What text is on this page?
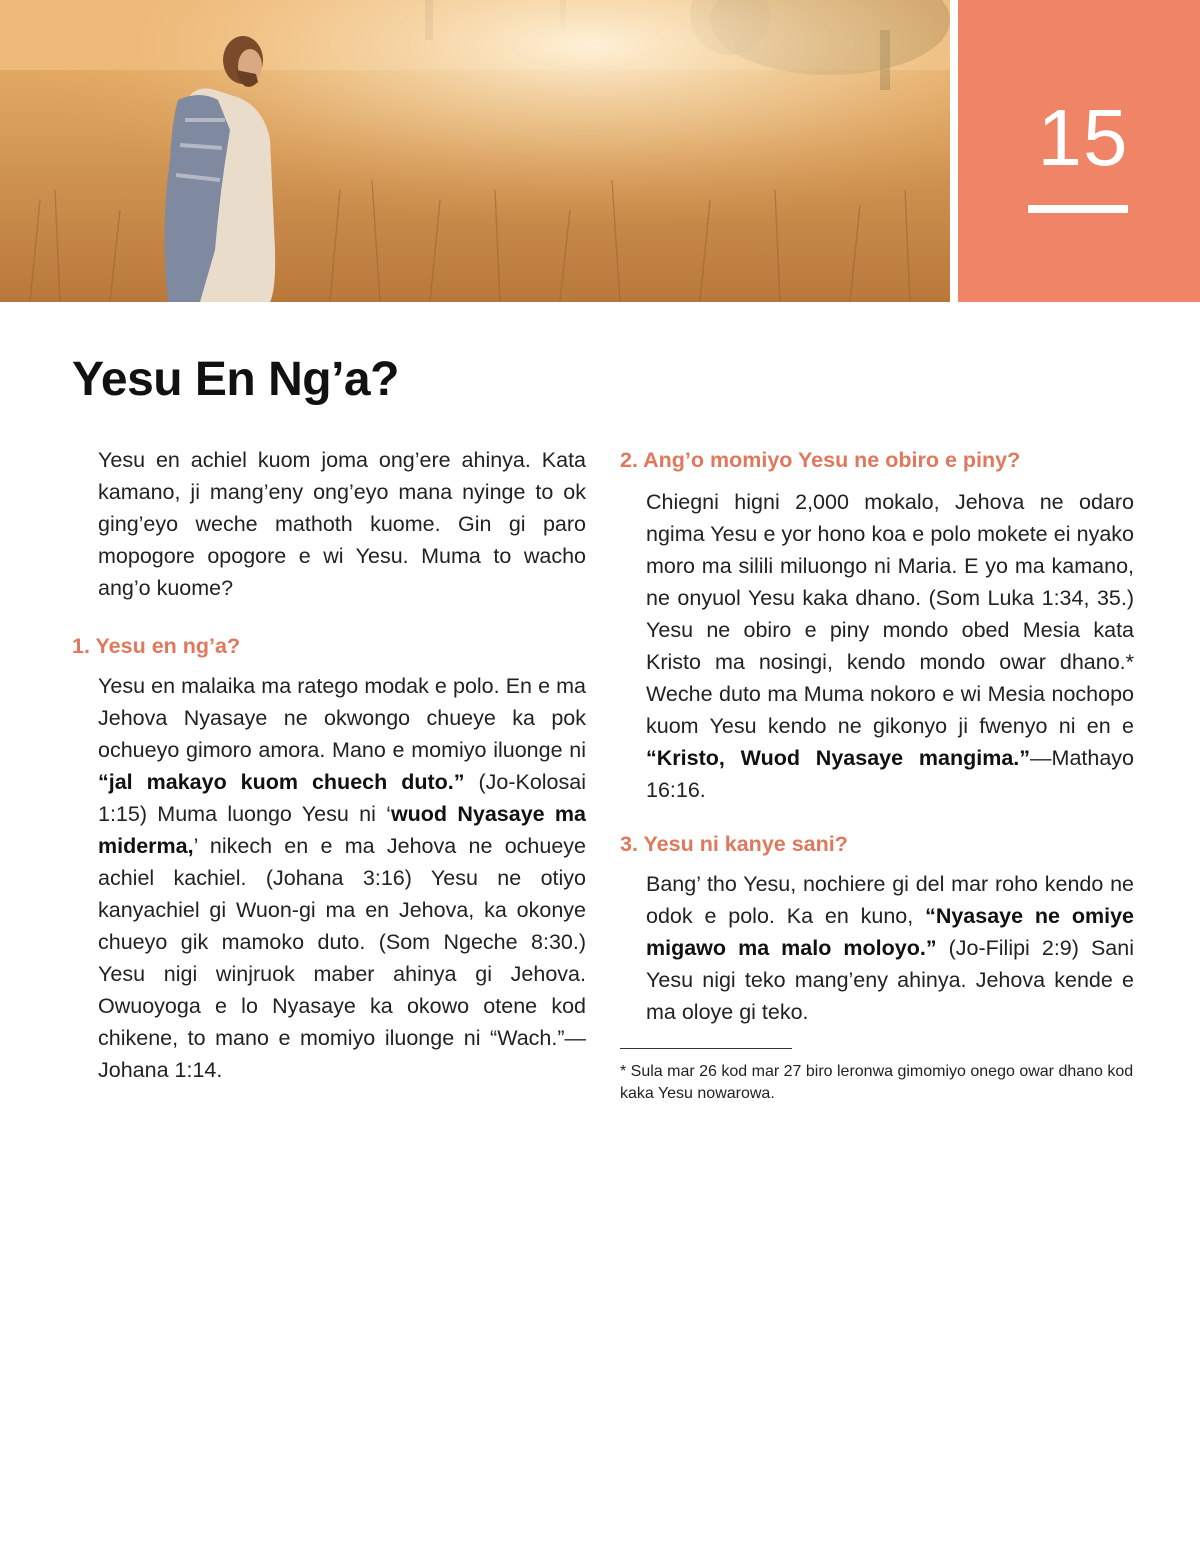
15
Yesu En Ng’a?

Yesu en achiel kuom joma ong’ere ahinya. Kata kamano, ji mang’eny ong’eyo mana nyinge to ok ging’eyo weche mathoth kuome. Gin gi paro mopogore opogore e wi Yesu. Muma to wacho ang’o kuome?

1. Yesu en ng’a?

Yesu en malaika ma ratego modak e polo. En e ma Jehova Nyasaye ne okwongo chueye ka pok ochueyo gimoro amora. Mano e momiyo iluonge ni “jal makayo kuom chuech duto.” (Jo-Kolosai 1:15) Muma luongo Yesu ni ‘wuod Nyasaye ma miderma,’ nikech en e ma Jehova ne ochueye achiel kachiel. (Johana 3:16) Yesu ne otiyo kanyachiel gi Wuon-gi ma en Jehova, ka okonye chueyo gik mamoko duto. (Som Ngeche 8:30.) Yesu nigi winjruok maber ahinya gi Jehova. Owuoyoga e lo Nyasaye ka okowo otene kod chikene, to mano e momiyo iluonge ni “Wach.”—Johana 1:14.

2. Ang’o momiyo Yesu ne obiro e piny?

Chiegni higni 2,000 mokalo, Jehova ne odaro ngima Yesu e yor hono koa e polo mokete ei nyako moro ma silili miluongo ni Maria. E yo ma kamano, ne onyuol Yesu kaka dhano. (Som Luka 1:34, 35.) Yesu ne obiro e piny mondo obed Mesia kata Kristo ma nosingi, kendo mondo owar dhano.* Weche duto ma Muma nokoro e wi Mesia nochopo kuom Yesu kendo ne gikonyo ji fwenyo ni en e “Kristo, Wuod Nyasaye mangima.”—Mathayo 16:16.

3. Yesu ni kanye sani?

Bang’ tho Yesu, nochiere gi del mar roho kendo ne odok e polo. Ka en kuno, “Nyasaye ne omiye migawo ma malo moloyo.” (Jo-Filipi 2:9) Sani Yesu nigi teko mang’eny ahinya. Jehova kende e ma oloye gi teko.

* Sula mar 26 kod mar 27 biro leronwa gimomiyo onego owar dhano kod kaka Yesu nowarowa.
